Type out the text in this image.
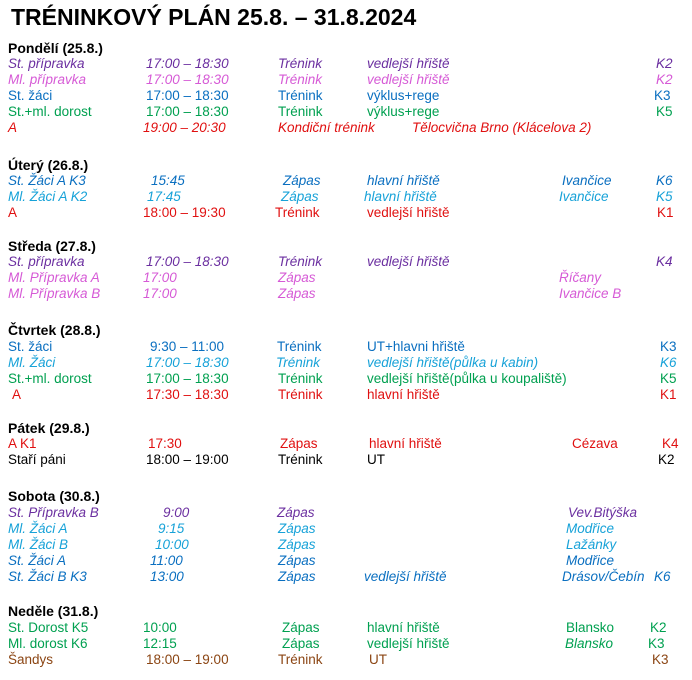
TRÉNINKOVÝ PLÁN 25.8. – 31.8.2024
Pondělí (25.8.)
St. přípravka	17:00 – 18:30	Trénink	vedlejší hřiště	K2
Ml. přípravka	17:00 – 18:30	Trénink	vedlejší hřiště	K2
St. žáci	17:00 – 18:30	Trénink	výklus+rege	K3
St.+ml. dorost	17:00 – 18:30	Trénink	výklus+rege	K5
A	19:00 – 20:30	Kondiční trénink	Tělocvična Brno (Klácelova 2)
Úterý (26.8.)
St. Žáci A K3	15:45	Zápas	hlavní hřiště	Ivančice	K6
Ml. Žáci A K2	17:45	Zápas	hlavní hřiště	Ivančice	K5
A	18:00 – 19:30	Trénink	vedlejší hřiště	K1
Středa (27.8.)
St. přípravka	17:00 – 18:30	Trénink	vedlejší hřiště	K4
Ml. Přípravka A	17:00	Zápas	Říčany
Ml. Přípravka B	17:00	Zápas	Ivančice B
Čtvrtek (28.8.)
St. žáci	9:30 – 11:00	Trénink	UT+hlavni hřiště	K3
Ml. Žáci	17:00 – 18:30	Trénink	vedlejší hřiště(půlka u kabin)	K6
St.+ml. dorost	17:00 – 18:30	Trénink	vedlejší hřiště(půlka u koupaliště)	K5
A	17:30 – 18:30	Trénink	hlavní hřiště	K1
Pátek (29.8.)
A K1	17:30	Zápas	hlavní hřiště	Cézava	K4
Staří páni	18:00 – 19:00	Trénink	UT	K2
Sobota (30.8.)
St. Přípravka B	9:00	Zápas	Vev.Bitýška
Ml. Žáci A	9:15	Zápas	Modřice
Ml. Žáci B	10:00	Zápas	Lažánky
St. Žáci A	11:00	Zápas	Modřice
St. Žáci B K3	13:00	Zápas	vedlejší hřiště	Drásov/Čebín K6
Neděle (31.8.)
St. Dorost K5	10:00	Zápas	hlavní hřiště	Blansko	K2
Ml. dorost K6	12:15	Zápas	vedlejší hřiště	Blansko	K3
Šandys	18:00 – 19:00	Trénink	UT	K3
